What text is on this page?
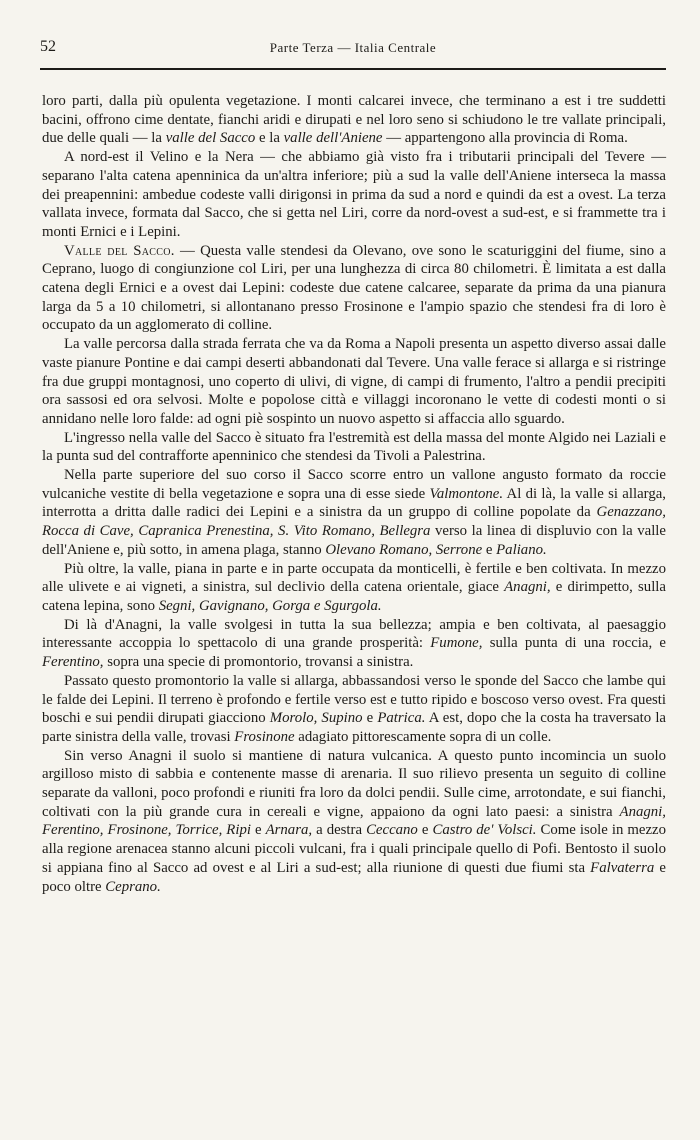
52	Parte Terza — Italia Centrale

loro parti, dalla più opulenta vegetazione. I monti calcarei invece, che terminano a est i tre suddetti bacini, offrono cime dentate, fianchi aridi e dirupati e nel loro seno si schiudono le tre vallate principali, due delle quali — la valle del Sacco e la valle dell'Aniene — appartengono alla provincia di Roma.

A nord-est il Velino e la Nera — che abbiamo già visto fra i tributarii principali del Tevere — separano l'alta catena apenninica da un'altra inferiore; più a sud la valle dell'Aniene interseca la massa dei preapennini: ambedue codeste valli dirigonsi in prima da sud a nord e quindi da est a ovest. La terza vallata invece, formata dal Sacco, che si getta nel Liri, corre da nord-ovest a sud-est, e si frammette tra i monti Ernici e i Lepini.

Valle del Sacco. — Questa valle stendesi da Olevano, ove sono le scaturiggini del fiume, sino a Ceprano, luogo di congiunzione col Liri, per una lunghezza di circa 80 chilometri. È limitata a est dalla catena degli Ernici e a ovest dai Lepini: codeste due catene calcaree, separate da prima da una pianura larga da 5 a 10 chilometri, si allontanano presso Frosinone e l'ampio spazio che stendesi fra di loro è occupato da un agglomerato di colline.

La valle percorsa dalla strada ferrata che va da Roma a Napoli presenta un aspetto diverso assai dalle vaste pianure Pontine e dai campi deserti abbandonati dal Tevere. Una valle ferace si allarga e si ristringe fra due gruppi montagnosi, uno coperto di ulivi, di vigne, di campi di frumento, l'altro a pendii precipiti ora sassosi ed ora selvosi. Molte e popolose città e villaggi incoronano le vette di codesti monti o si annidano nelle loro falde: ad ogni piè sospinto un nuovo aspetto si affaccia allo sguardo.

L'ingresso nella valle del Sacco è situato fra l'estremità est della massa del monte Algido nei Laziali e la punta sud del contrafforte apenninico che stendesi da Tivoli a Palestrina.

Nella parte superiore del suo corso il Sacco scorre entro un vallone angusto formato da roccie vulcaniche vestite di bella vegetazione e sopra una di esse siede Valmontone. Al di là, la valle si allarga, interrotta a dritta dalle radici dei Lepini e a sinistra da un gruppo di colline popolate da Genazzano, Rocca di Cave, Capranica Prenestina, S. Vito Romano, Bellegra verso la linea di displuvio con la valle dell'Aniene e, più sotto, in amena plaga, stanno Olevano Romano, Serrone e Paliano.

Più oltre, la valle, piana in parte e in parte occupata da monticelli, è fertile e ben coltivata. In mezzo alle ulivete e ai vigneti, a sinistra, sul declivio della catena orientale, giace Anagni, e dirimpetto, sulla catena lepina, sono Segni, Gavignano, Gorga e Sgurgola.

Di là d'Anagni, la valle svolgesi in tutta la sua bellezza; ampia e ben coltivata, al paesaggio interessante accoppia lo spettacolo di una grande prosperità: Fumone, sulla punta di una roccia, e Ferentino, sopra una specie di promontorio, trovansi a sinistra.

Passato questo promontorio la valle si allarga, abbassandosi verso le sponde del Sacco che lambe qui le falde dei Lepini. Il terreno è profondo e fertile verso est e tutto ripido e boscoso verso ovest. Fra questi boschi e sui pendii dirupati giacciono Morolo, Supino e Patrica. A est, dopo che la costa ha traversato la parte sinistra della valle, trovasi Frosinone adagiato pittorescamente sopra di un colle.

Sin verso Anagni il suolo si mantiene di natura vulcanica. A questo punto incomincia un suolo argilloso misto di sabbia e contenente masse di arenaria. Il suo rilievo presenta un seguito di colline separate da valloni, poco profondi e riuniti fra loro da dolci pendii. Sulle cime, arrotondate, e sui fianchi, coltivati con la più grande cura in cereali e vigne, appaiono da ogni lato paesi: a sinistra Anagni, Ferentino, Frosinone, Torrice, Ripi e Arnara, a destra Ceccano e Castro de' Volsci. Come isole in mezzo alla regione arenacea stanno alcuni piccoli vulcani, fra i quali principale quello di Pofi. Bentosto il suolo si appiana fino al Sacco ad ovest e al Liri a sud-est; alla riunione di questi due fiumi sta Falvaterra e poco oltre Ceprano.
